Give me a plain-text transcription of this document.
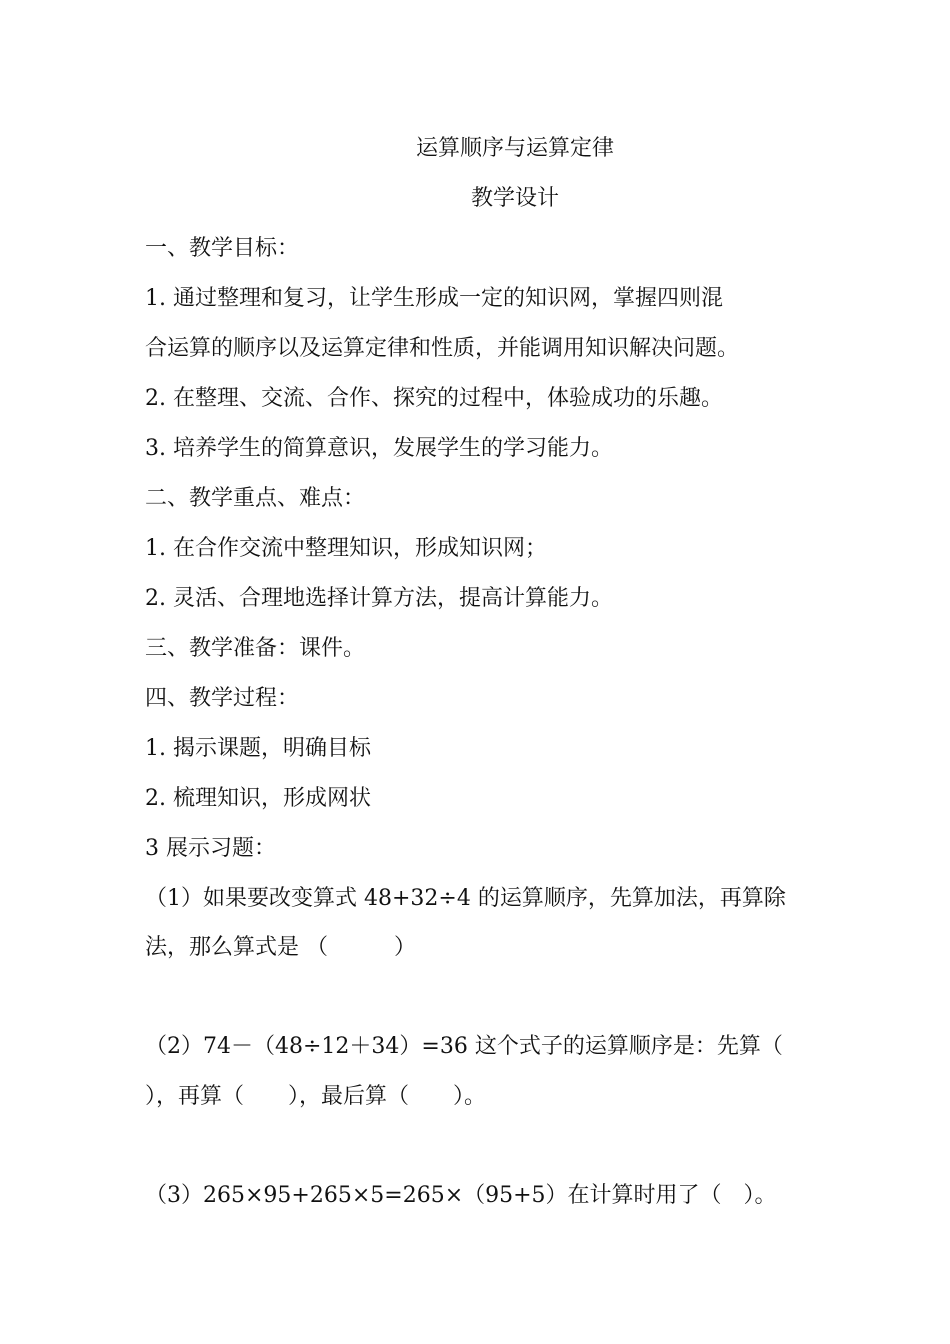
运算顺序与运算定律
教学设计
一、教学目标：
1. 通过整理和复习，让学生形成一定的知识网，掌握四则混
合运算的顺序以及运算定律和性质，并能调用知识解决问题。
2. 在整理、交流、合作、探究的过程中，体验成功的乐趣。
3. 培养学生的简算意识，发展学生的学习能力。
二、教学重点、难点：
1. 在合作交流中整理知识，形成知识网；
2. 灵活、合理地选择计算方法，提高计算能力。
三、教学准备：课件。
四、教学过程：
1. 揭示课题，明确目标
2. 梳理知识，形成网状
3 展示习题：
（1）如果要改变算式 48+32÷4 的运算顺序，先算加法，再算除
法，那么算式是 （　　　）
（2）74－（48÷12＋34）=36 这个式子的运算顺序是：先算（
），再算（　　），最后算（　　）。
（3）265×95+265×5=265×（95+5）在计算时用了（　）。
